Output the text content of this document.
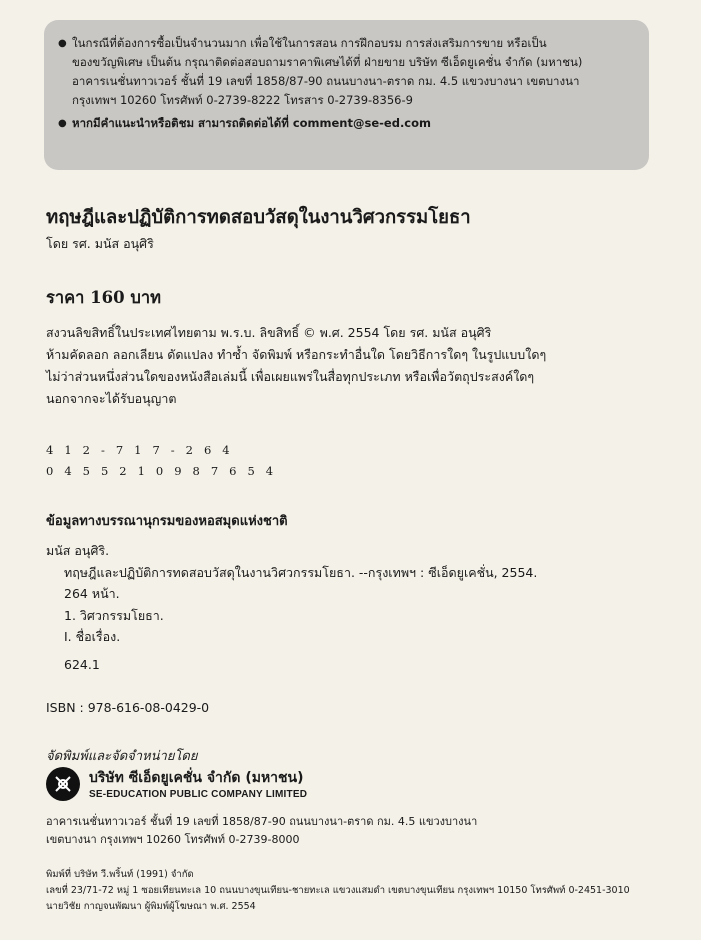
● ในกรณีที่ต้องการซื้อเป็นจำนวนมาก เพื่อใช้ในการสอน การฝึกอบรม การส่งเสริมการขาย หรือเป็น
ของขวัญพิเศษ เป็นต้น กรุณาติดต่อสอบถามราคาพิเศษได้ที่ ฝ่ายขาย บริษัท ซีเอ็ดยูเคชั่น จำกัด (มหาชน)
อาคารเนชั่นทาวเวอร์ ชั้นที่ 19 เลขที่ 1858/87-90 ถนนบางนา-ตราด กม. 4.5 แขวงบางนา เขตบางนา
กรุงเทพฯ 10260 โทรศัพท์ 0-2739-8222 โทรสาร 0-2739-8356-9
● หากมีคำแนะนำหรือติชม สามารถติดต่อได้ที่ comment@se-ed.com
ทฤษฎีและปฏิบัติการทดสอบวัสดุในงานวิศวกรรมโยธา
โดย รศ. มนัส อนุศิริ
ราคา 160 บาท
สงวนลิขสิทธิ์ในประเทศไทยตาม พ.ร.บ. ลิขสิทธิ์ © พ.ศ. 2554 โดย รศ. มนัส อนุศิริ
ห้ามคัดลอก ลอกเลียน ดัดแปลง ทำซ้ำ จัดพิมพ์ หรือกระทำอื่นใด โดยวิธีการใดๆ ในรูปแบบใดๆ
ไม่ว่าส่วนหนึ่งส่วนใดของหนังสือเล่มนี้ เพื่อเผยแพร่ในสื่อทุกประเภท หรือเพื่อวัตถุประสงค์ใดๆ
นอกจากจะได้รับอนุญาต
412-717-264
0455210987654
ข้อมูลทางบรรณานุกรมของหอสมุดแห่งชาติ
มนัส อนุศิริ.
ทฤษฎีและปฏิบัติการทดสอบวัสดุในงานวิศวกรรมโยธา. --กรุงเทพฯ : ซีเอ็ดยูเคชั่น, 2554.
264 หน้า.
1. วิศวกรรมโยธา.
I. ชื่อเรื่อง.
624.1
ISBN : 978-616-08-0429-0
จัดพิมพ์และจัดจำหน่ายโดย
บริษัท ซีเอ็ดยูเคชั่น จำกัด (มหาชน)
SE-EDUCATION PUBLIC COMPANY LIMITED
อาคารเนชั่นทาวเวอร์ ชั้นที่ 19 เลขที่ 1858/87-90 ถนนบางนา-ตราด กม. 4.5 แขวงบางนา
เขตบางนา กรุงเทพฯ 10260 โทรศัพท์ 0-2739-8000
พิมพ์ที่ บริษัท วี.พริ้นท์ (1991) จำกัด
เลขที่ 23/71-72 หมู่ 1 ซอยเทียนทะเล 10 ถนนบางขุนเทียน-ชายทะเล แขวงแสมดำ เขตบางขุนเทียน กรุงเทพฯ 10150 โทรศัพท์ 0-2451-3010
นายวิชัย กาญจนพัฒนา ผู้พิมพ์ผู้โฆษณา พ.ศ. 2554
